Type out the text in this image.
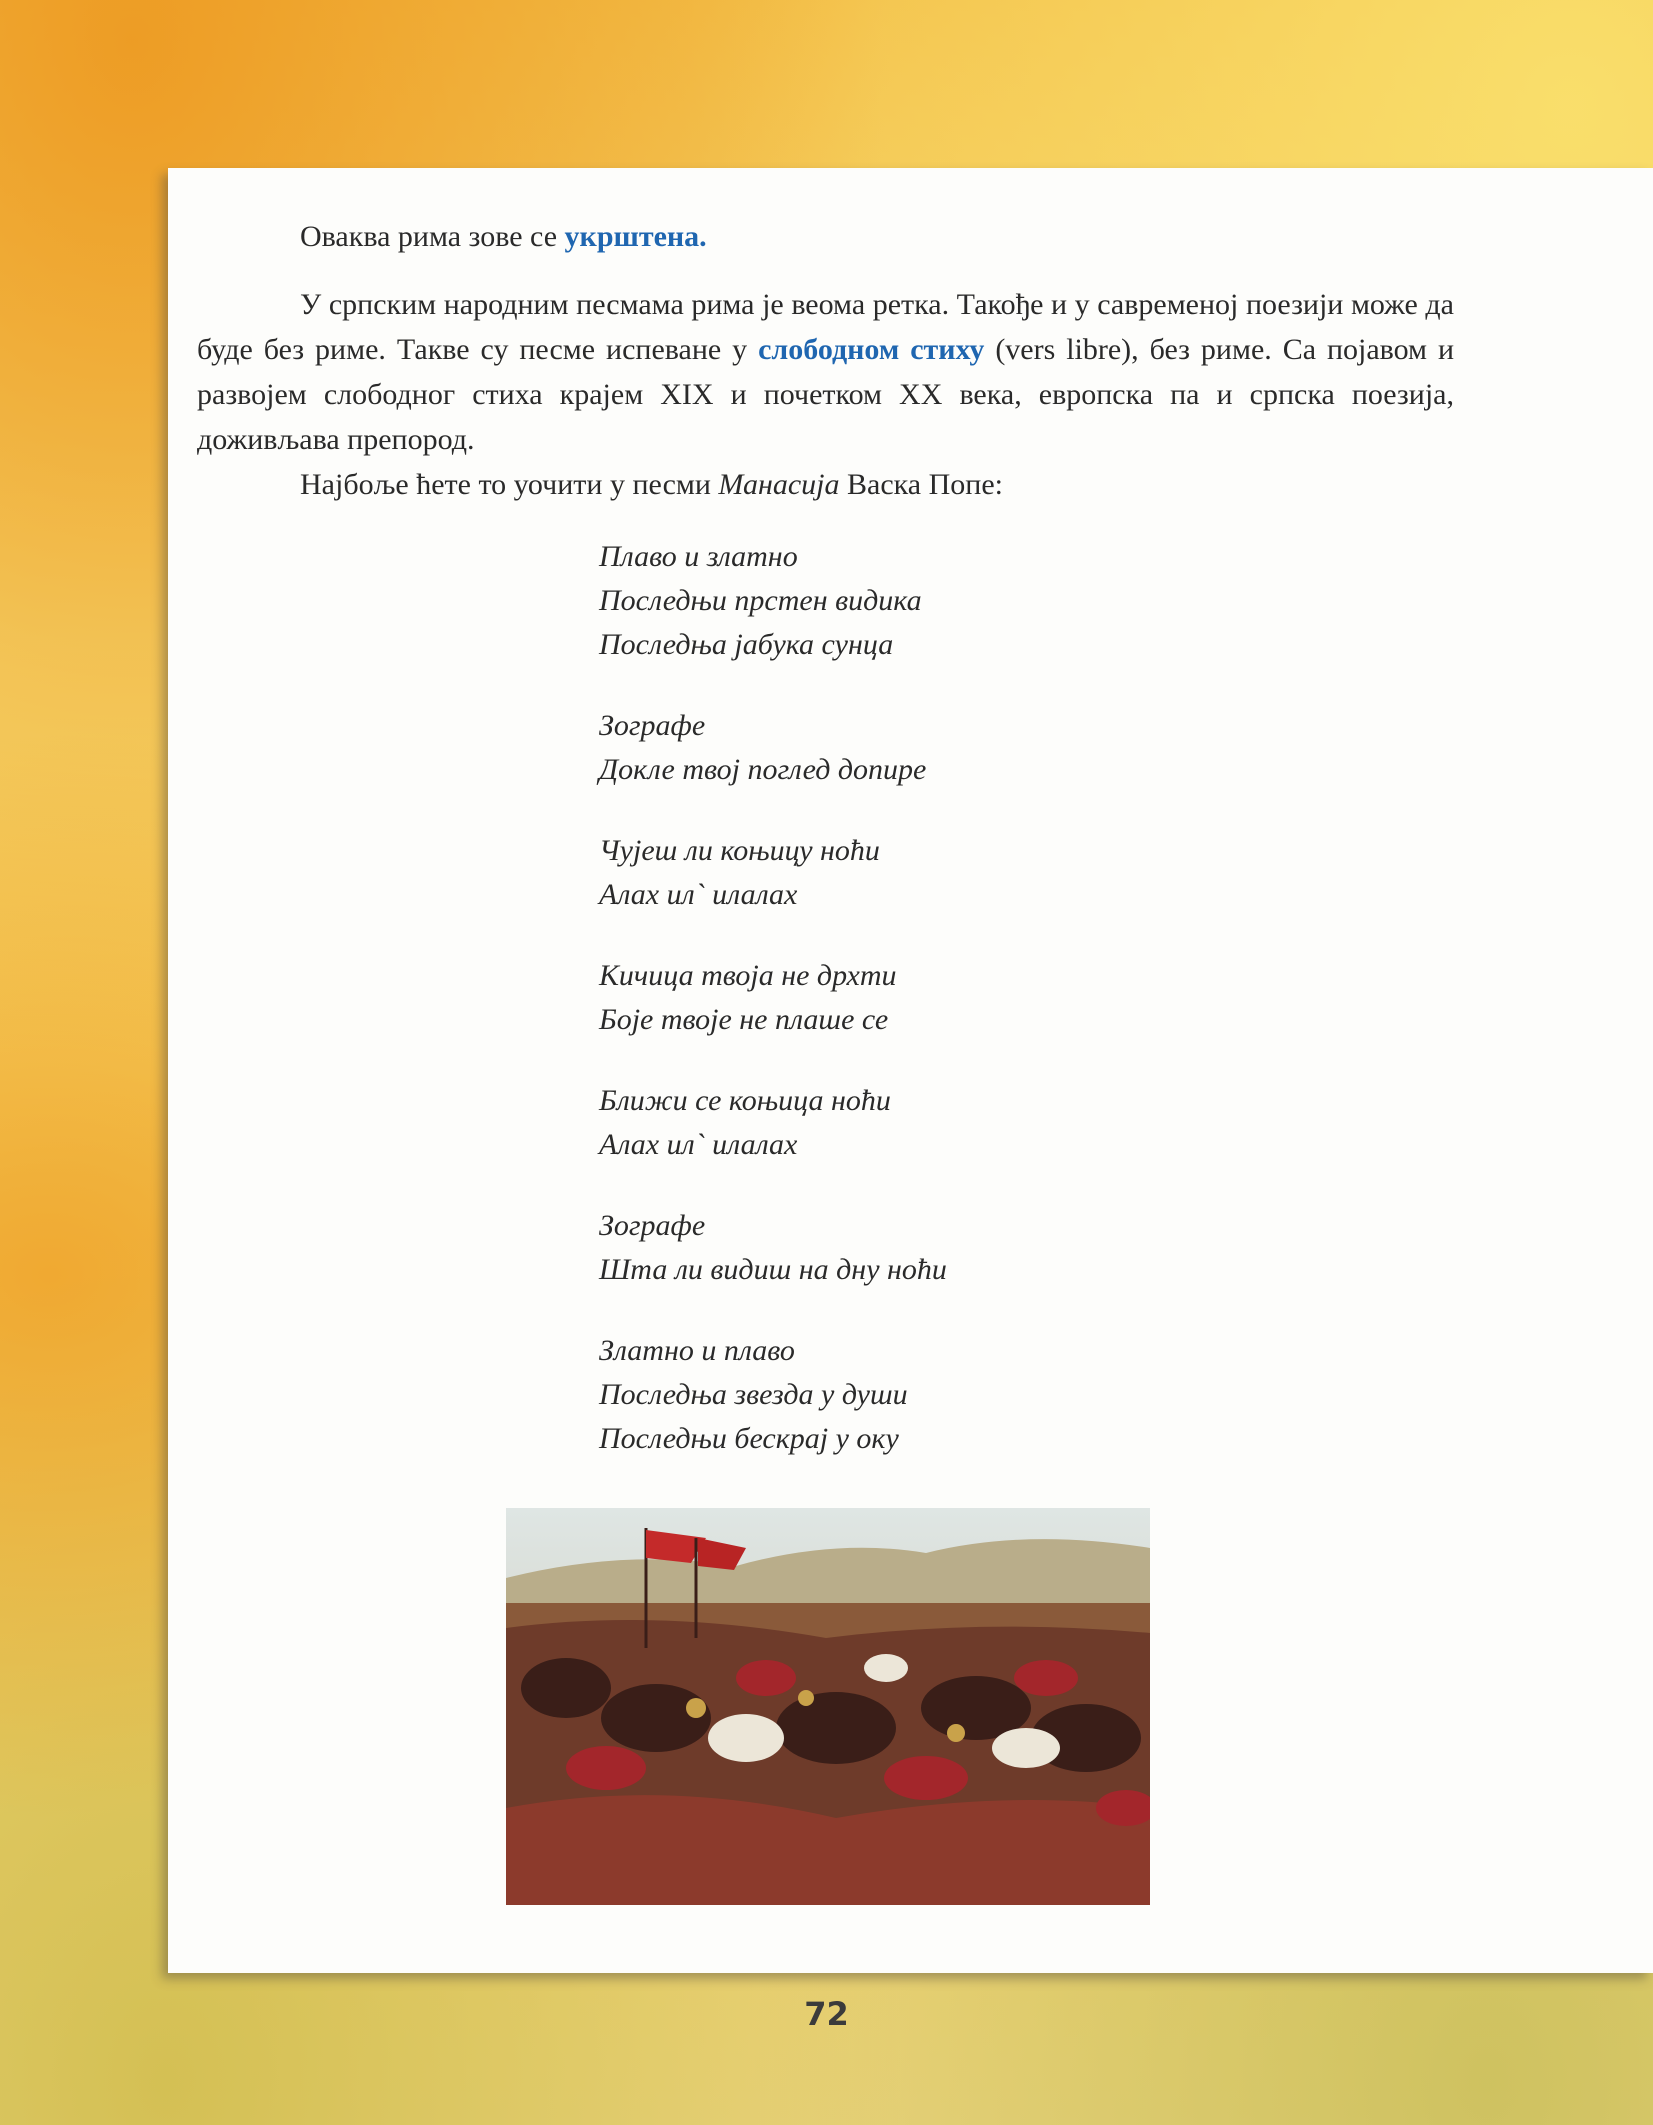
Оваква рима зове се укрштена.

У српским народним песмама рима је веома ретка. Такође и у савременој поезији може да буде без риме. Такве су песме испеване у слободном стиху (vers libre), без риме. Са појавом и развојем слободног стиха крајем XIX и почетком XX века, европска па и српска поезија, доживљава препород.

Најбоље ћете то уочити у песми Манасија Васка Попе:

Плаво и златно
Последњи прстен видика
Последња јабука сунца
Зографе
Докле твој поглед допире
Чујеш ли коњицу ноћи
Алах ил` илалах
Кичица твоја не дрхти
Боје твоје не плаше се
Ближи се коњица ноћи
Алах ил` илалах
Зографе
Шта ли видиш на дну ноћи
Златно и плаво
Последња звезда у души
Последњи бескрај у оку
72
